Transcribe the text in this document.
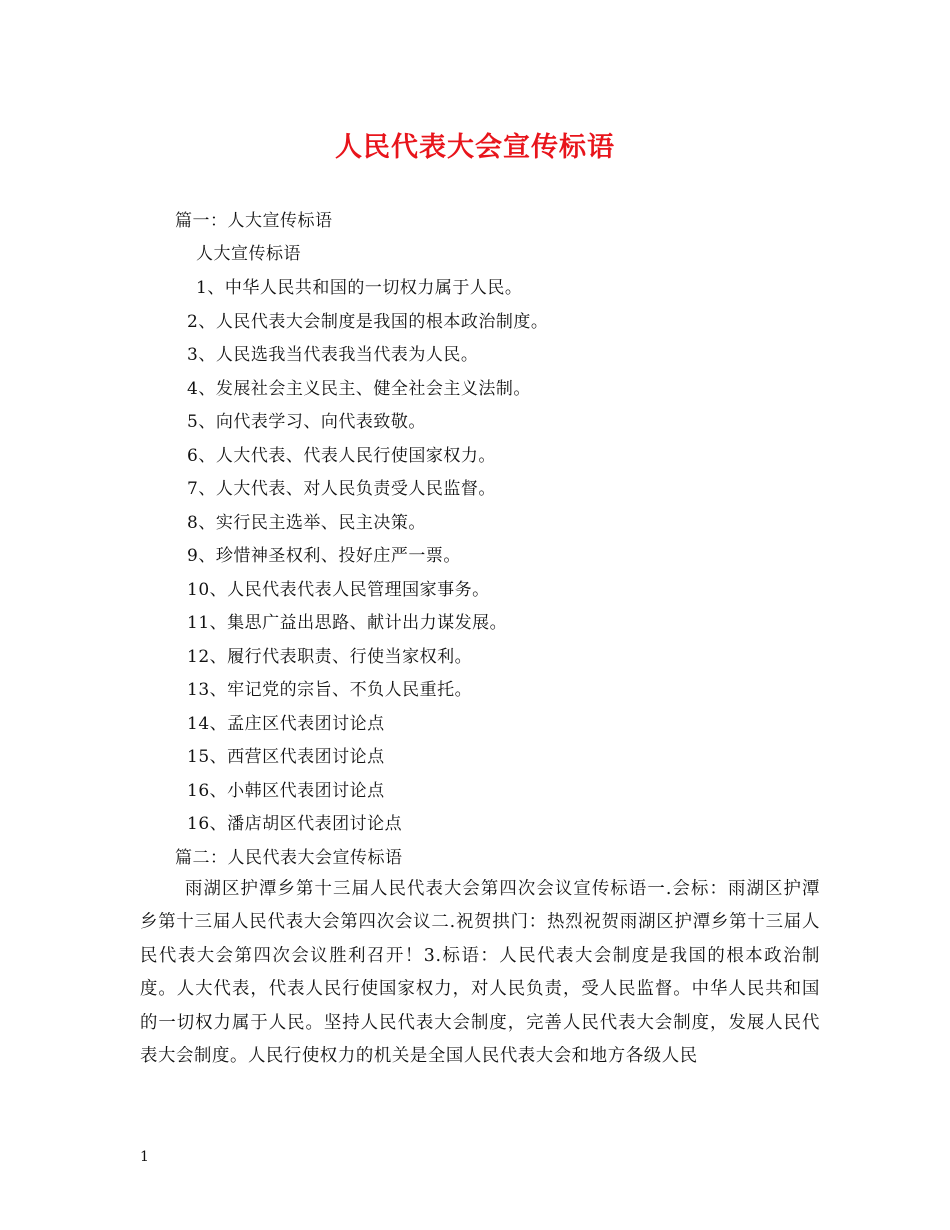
人民代表大会宣传标语
篇一：人大宣传标语
人大宣传标语
1、中华人民共和国的一切权力属于人民。
2、人民代表大会制度是我国的根本政治制度。
3、人民选我当代表我当代表为人民。
4、发展社会主义民主、健全社会主义法制。
5、向代表学习、向代表致敬。
6、人大代表、代表人民行使国家权力。
7、人大代表、对人民负责受人民监督。
8、实行民主选举、民主决策。
9、珍惜神圣权利、投好庄严一票。
10、人民代表代表人民管理国家事务。
11、集思广益出思路、献计出力谋发展。
12、履行代表职责、行使当家权利。
13、牢记党的宗旨、不负人民重托。
14、孟庄区代表团讨论点
15、西营区代表团讨论点
16、小韩区代表团讨论点
16、潘店胡区代表团讨论点
篇二：人民代表大会宣传标语
雨湖区护潭乡第十三届人民代表大会第四次会议宣传标语一.会标：雨湖区护潭乡第十三届人民代表大会第四次会议二.祝贺拱门：热烈祝贺雨湖区护潭乡第十三届人民代表大会第四次会议胜利召开！3.标语：人民代表大会制度是我国的根本政治制度。人大代表，代表人民行使国家权力，对人民负责，受人民监督。中华人民共和国的一切权力属于人民。坚持人民代表大会制度，完善人民代表大会制度，发展人民代表大会制度。人民行使权力的机关是全国人民代表大会和地方各级人民
1
